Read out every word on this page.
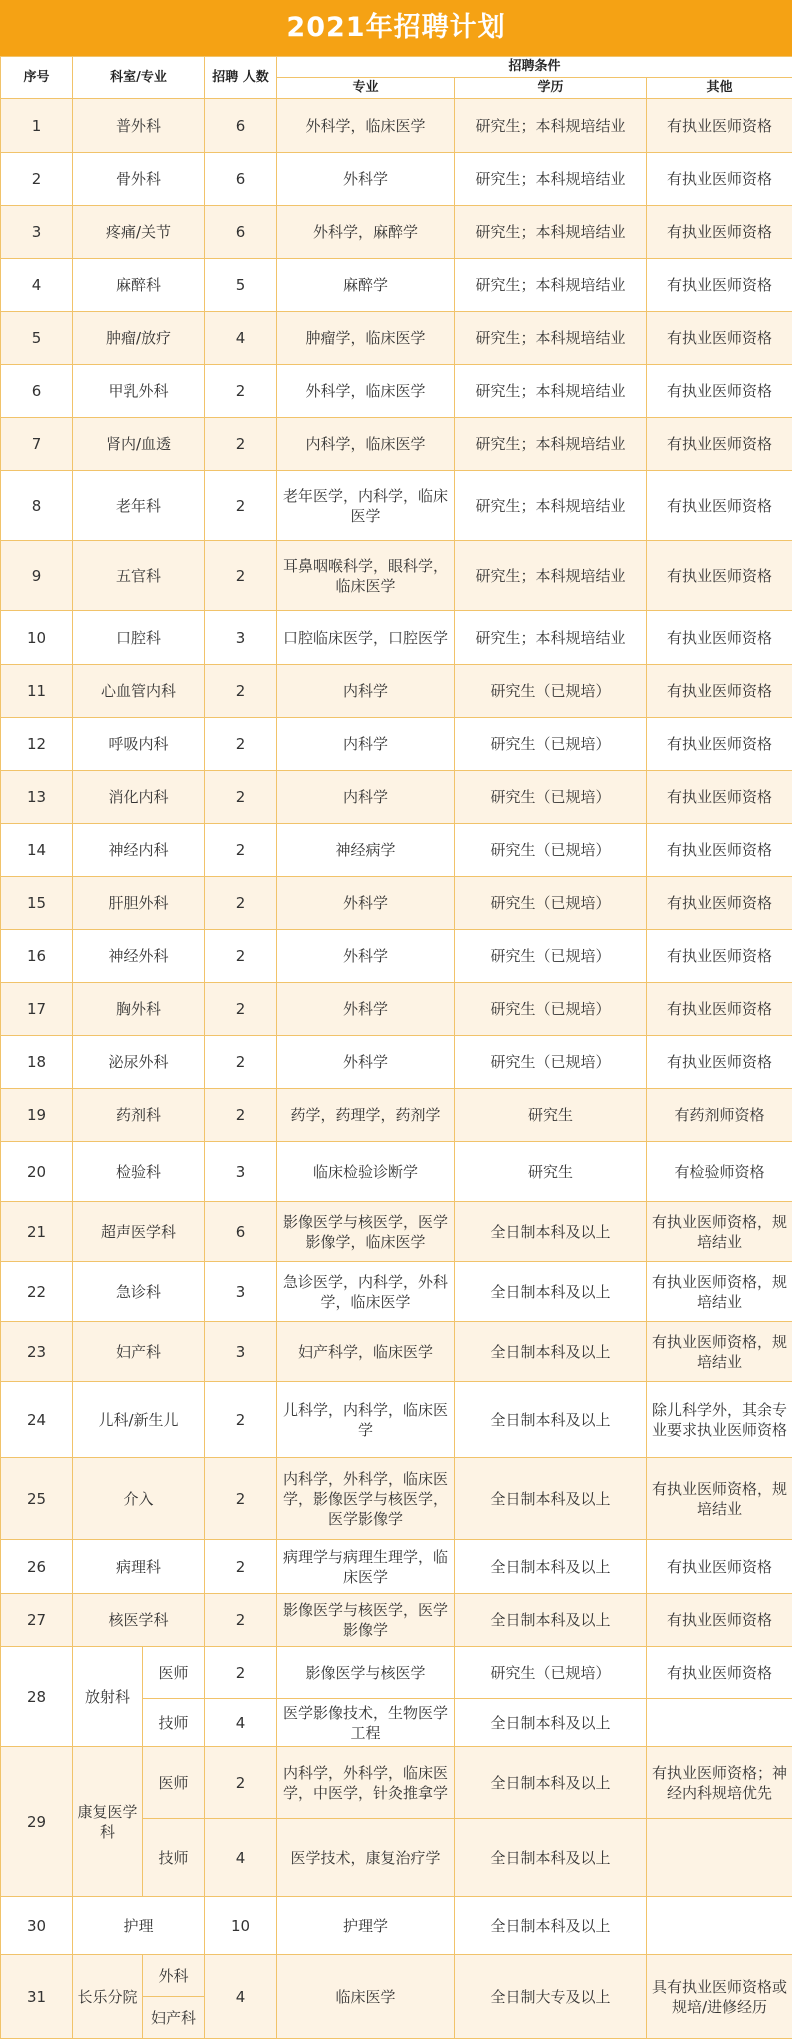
2021年招聘计划
序号	科室/专业		招聘 人数	招聘条件		
				专业	学历	其他
1	普外科		6	外科学，临床医学	研究生；本科规培结业	有执业医师资格
2	骨外科		6	外科学	研究生；本科规培结业	有执业医师资格
3	疼痛/关节		6	外科学，麻醉学	研究生；本科规培结业	有执业医师资格
4	麻醉科		5	麻醉学	研究生；本科规培结业	有执业医师资格
5	肿瘤/放疗		4	肿瘤学，临床医学	研究生；本科规培结业	有执业医师资格
6	甲乳外科		2	外科学，临床医学	研究生；本科规培结业	有执业医师资格
7	肾内/血透		2	内科学，临床医学	研究生；本科规培结业	有执业医师资格
8	老年科		2	老年医学，内科学，临床医学	研究生；本科规培结业	有执业医师资格
9	五官科		2	耳鼻咽喉科学，眼科学，临床医学	研究生；本科规培结业	有执业医师资格
10	口腔科		3	口腔临床医学，口腔医学	研究生；本科规培结业	有执业医师资格
11	心血管内科		2	内科学	研究生（已规培）	有执业医师资格
12	呼吸内科		2	内科学	研究生（已规培）	有执业医师资格
13	消化内科		2	内科学	研究生（已规培）	有执业医师资格
14	神经内科		2	神经病学	研究生（已规培）	有执业医师资格
15	肝胆外科		2	外科学	研究生（已规培）	有执业医师资格
16	神经外科		2	外科学	研究生（已规培）	有执业医师资格
17	胸外科		2	外科学	研究生（已规培）	有执业医师资格
18	泌尿外科		2	外科学	研究生（已规培）	有执业医师资格
19	药剂科		2	药学，药理学，药剂学	研究生	有药剂师资格
20	检验科		3	临床检验诊断学	研究生	有检验师资格
21	超声医学科		6	影像医学与核医学，医学影像学，临床医学	全日制本科及以上	有执业医师资格，规培结业
22	急诊科		3	急诊医学，内科学，外科学，临床医学	全日制本科及以上	有执业医师资格，规培结业
23	妇产科		3	妇产科学，临床医学	全日制本科及以上	有执业医师资格，规培结业
24	儿科/新生儿		2	儿科学，内科学，临床医学	全日制本科及以上	除儿科学外，其余专业要求执业医师资格
25	介入		2	内科学，外科学，临床医学，影像医学与核医学，医学影像学	全日制本科及以上	有执业医师资格，规培结业
26	病理科		2	病理学与病理生理学，临床医学	全日制本科及以上	有执业医师资格
27	核医学科		2	影像医学与核医学，医学影像学	全日制本科及以上	有执业医师资格
28	放射科	医师	2	影像医学与核医学	研究生（已规培）	有执业医师资格
		技师	4	医学影像技术，生物医学工程	全日制本科及以上	
29	康复医学科	医师	2	内科学，外科学，临床医学，中医学，针灸推拿学	全日制本科及以上	有执业医师资格；神经内科规培优先
		技师	4	医学技术，康复治疗学	全日制本科及以上	
30	护理		10	护理学	全日制本科及以上	
31	长乐分院	外科	4	临床医学	全日制大专及以上	具有执业医师资格或规培/进修经历
		妇产科				
